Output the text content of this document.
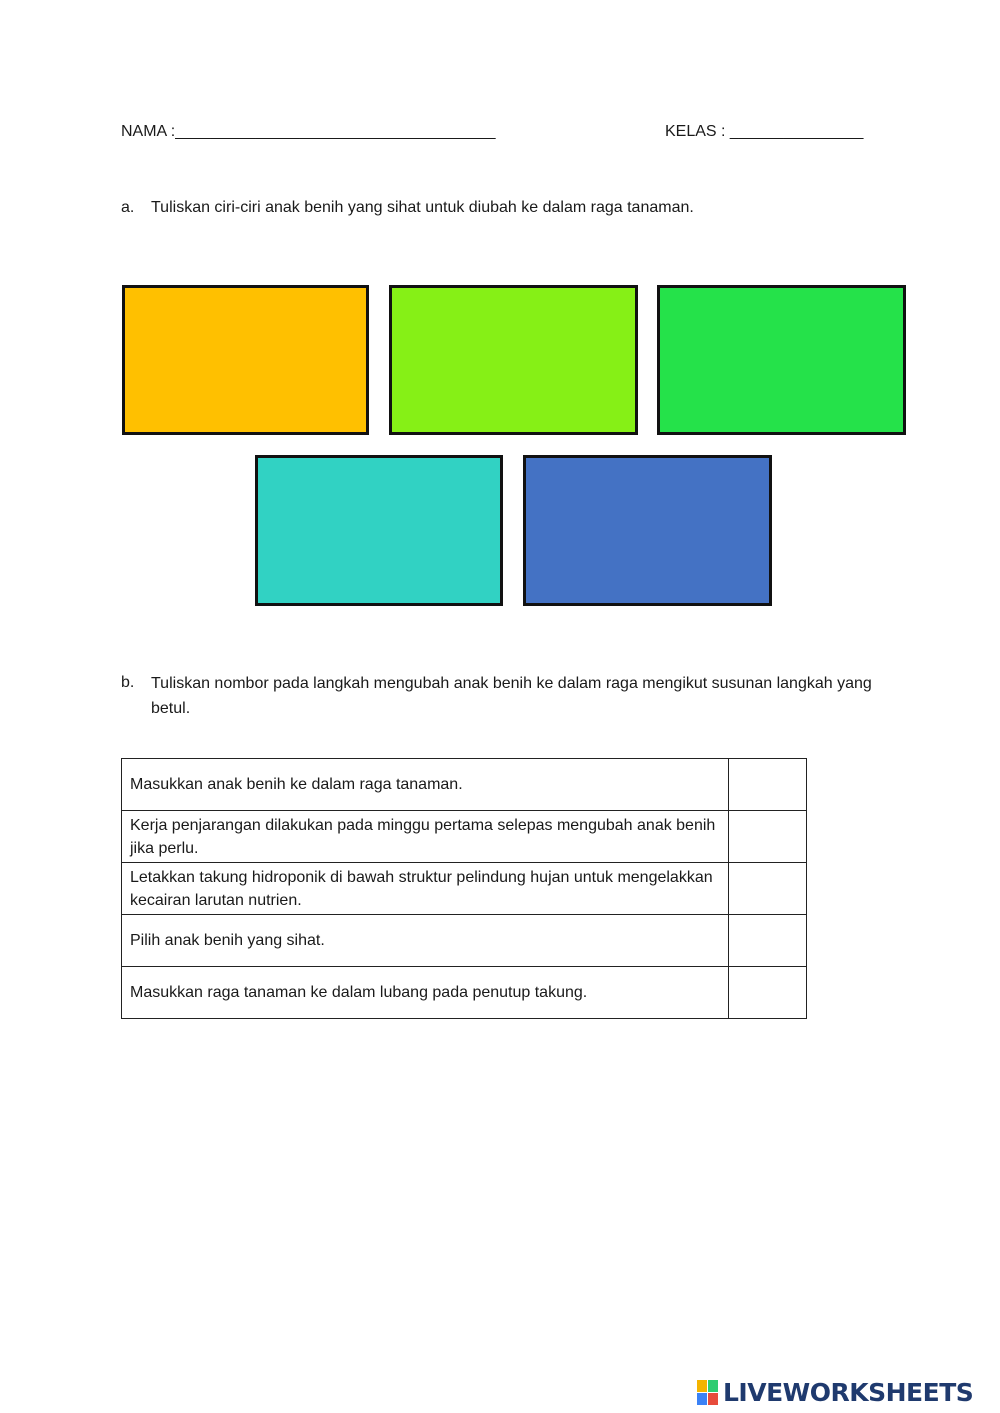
NAMA :____________________________________	KELAS : _______________
a. Tuliskan ciri-ciri anak benih yang sihat untuk diubah ke dalam raga tanaman.
b. Tuliskan nombor pada langkah mengubah anak benih ke dalam raga mengikut susunan langkah yang betul.
Masukkan anak benih ke dalam raga tanaman.	
Kerja penjarangan dilakukan pada minggu pertama selepas mengubah anak benih jika perlu.	
Letakkan takung hidroponik di bawah struktur pelindung hujan untuk mengelakkan kecairan larutan nutrien.	
Pilih anak benih yang sihat.	
Masukkan raga tanaman ke dalam lubang pada penutup takung.	
LIVEWORKSHEETS
